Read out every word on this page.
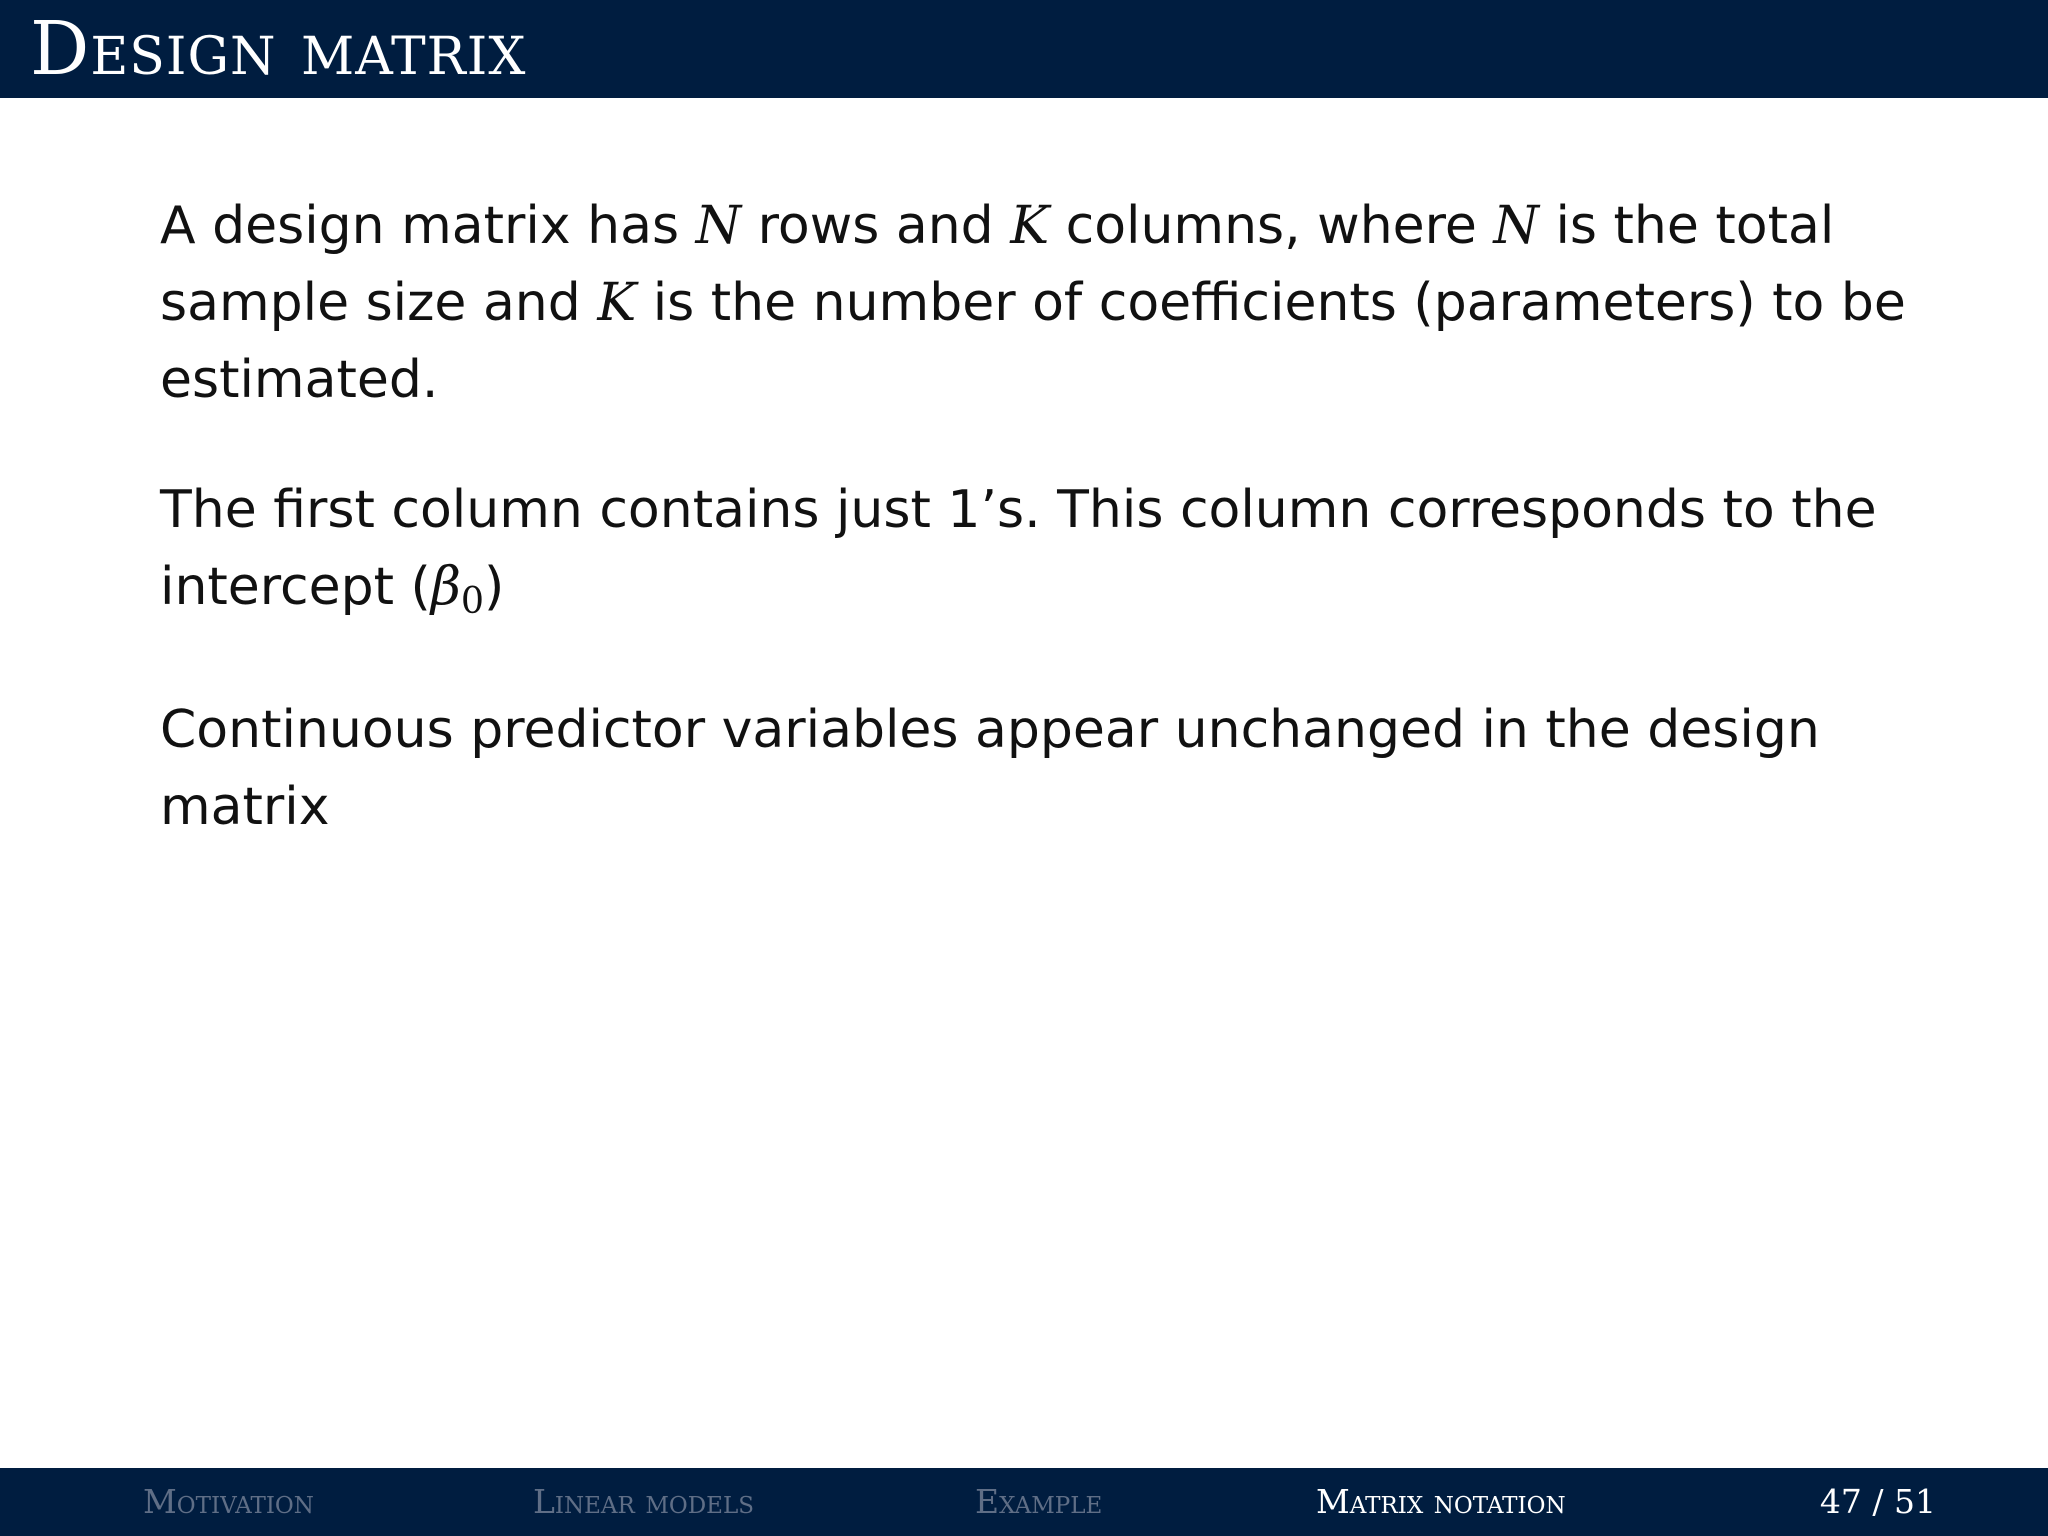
Design matrix

A design matrix has N rows and K columns, where N is the total sample size and K is the number of coefficients (parameters) to be estimated.

The first column contains just 1’s. This column corresponds to the intercept $(\beta_0)$

Continuous predictor variables appear unchanged in the design matrix

Motivation	Linear models	Example	Matrix notation	47 / 51
